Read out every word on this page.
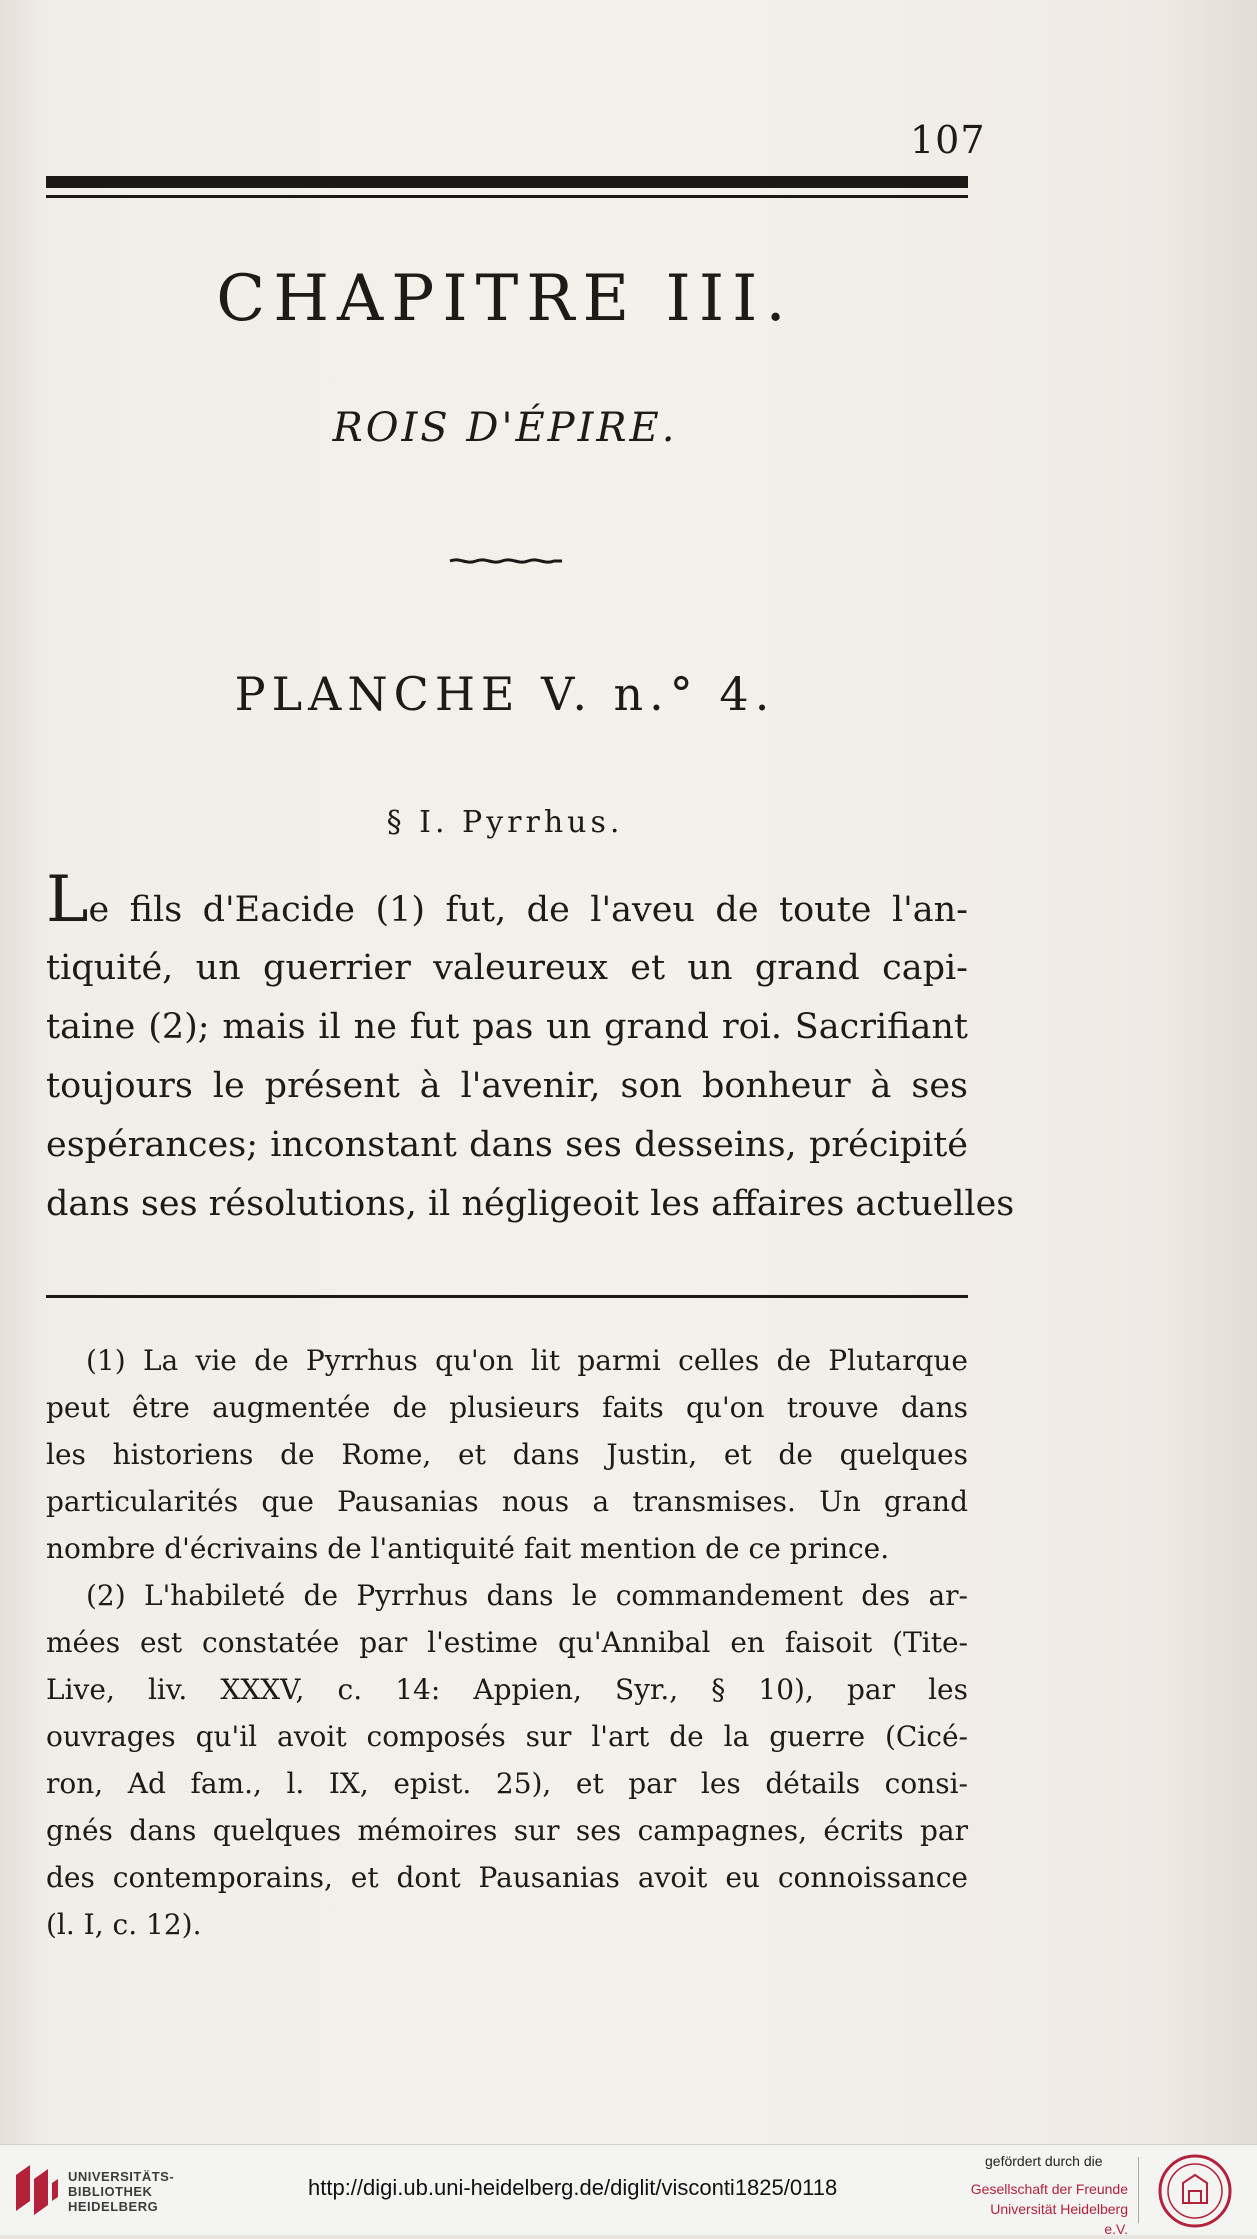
107
CHAPITRE III.
ROIS D'ÉPIRE.
PLANCHE V. n.° 4.
§ I. Pyrrhus.
Le fils d'Eacide (1) fut, de l'aveu de toute l'an-
tiquité, un guerrier valeureux et un grand capi-
taine (2); mais il ne fut pas un grand roi. Sacrifiant
toujours le présent à l'avenir, son bonheur à ses
espérances; inconstant dans ses desseins, précipité
dans ses résolutions, il négligeoit les affaires actuelles
(1) La vie de Pyrrhus qu'on lit parmi celles de Plutarque
peut être augmentée de plusieurs faits qu'on trouve dans
les historiens de Rome, et dans Justin, et de quelques
particularités que Pausanias nous a transmises. Un grand
nombre d'écrivains de l'antiquité fait mention de ce prince.
(2) L'habileté de Pyrrhus dans le commandement des ar-
mées est constatée par l'estime qu'Annibal en faisoit (Tite-
Live, liv. XXXV, c. 14: Appien, Syr., § 10), par les
ouvrages qu'il avoit composés sur l'art de la guerre (Cicé-
ron, Ad fam., l. IX, epist. 25), et par les détails consi-
gnés dans quelques mémoires sur ses campagnes, écrits par
des contemporains, et dont Pausanias avoit eu connoissance
(l. I, c. 12).
UNIVERSITÄTS-
BIBLIOTHEK
HEIDELBERG
http://digi.ub.uni-heidelberg.de/diglit/visconti1825/0118
gefördert durch die
Gesellschaft der Freunde
Universität Heidelberg e.V.
